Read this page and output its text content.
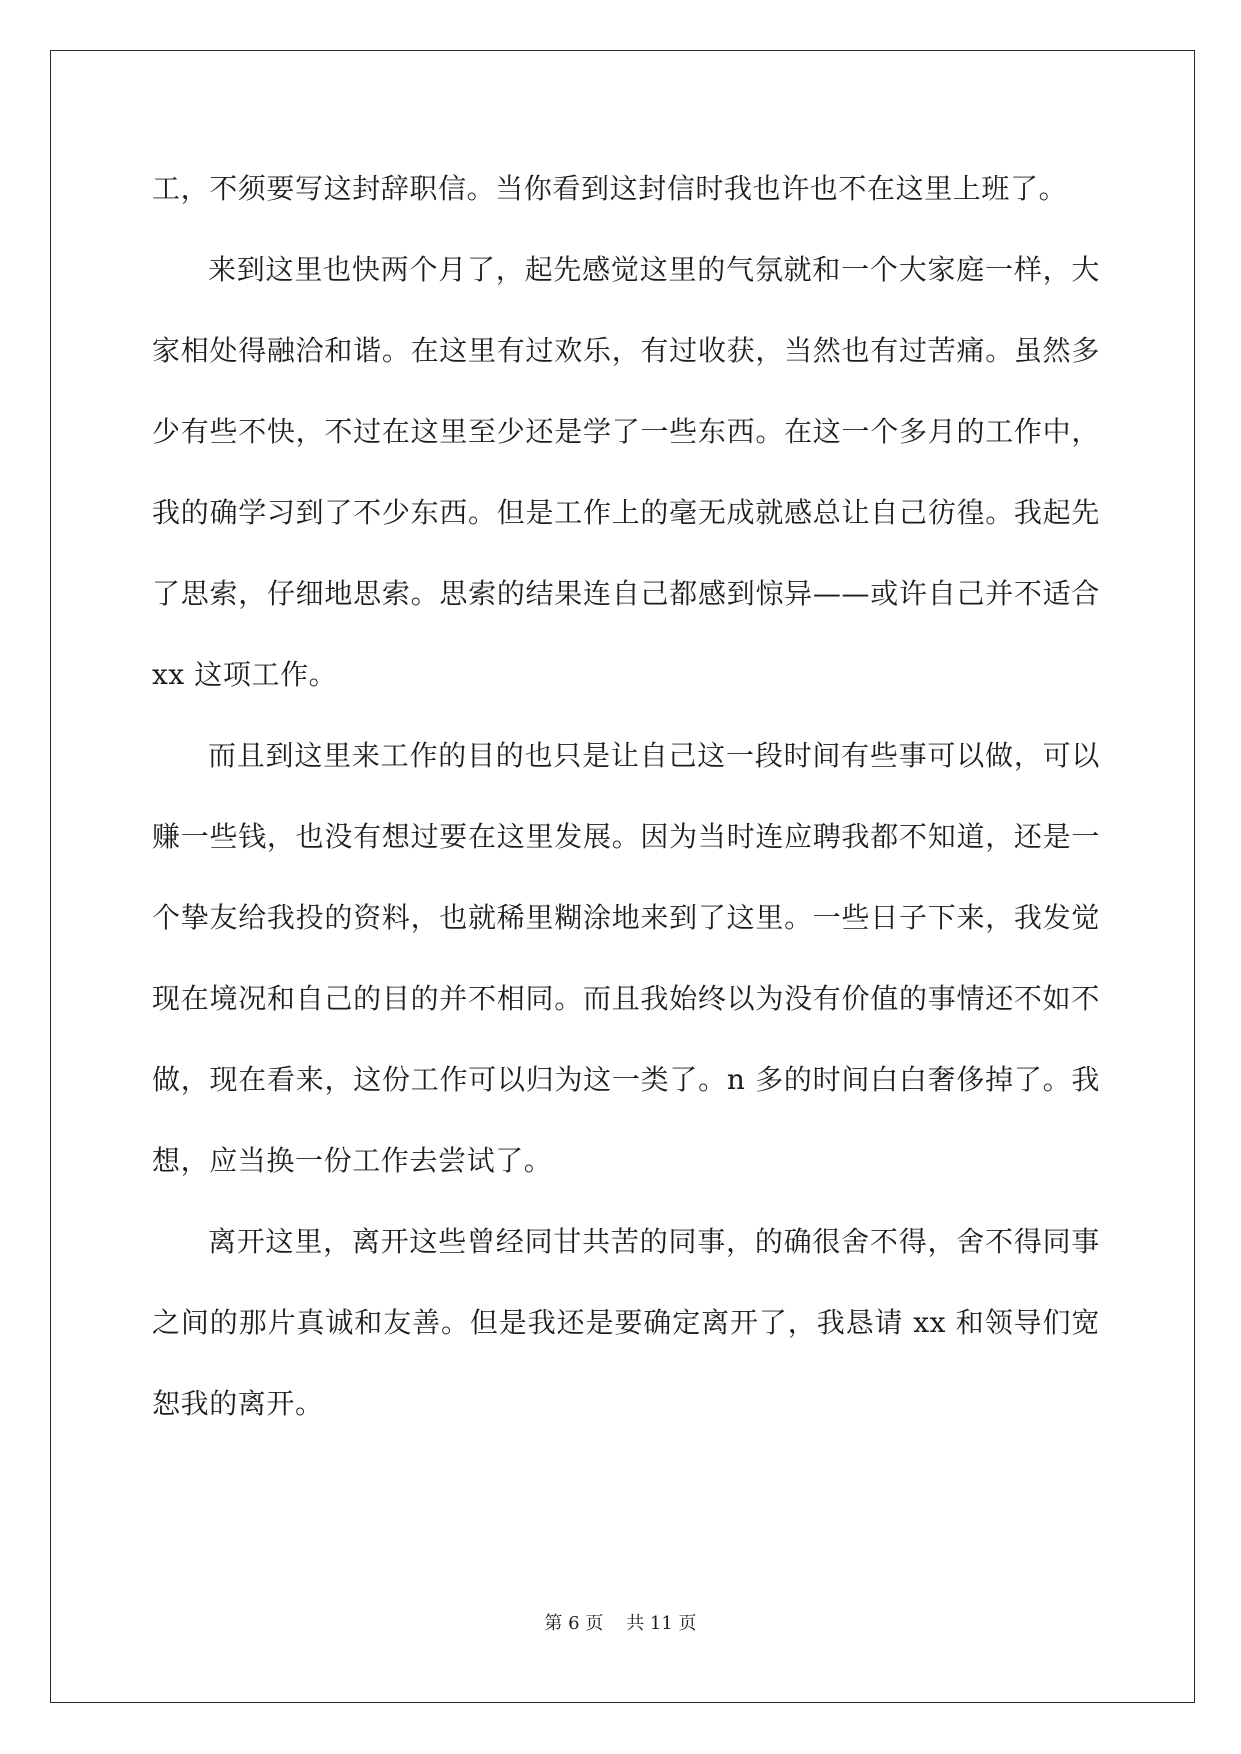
工，不须要写这封辞职信。当你看到这封信时我也许也不在这里上班了。

来到这里也快两个月了，起先感觉这里的气氛就和一个大家庭一样，大家相处得融洽和谐。在这里有过欢乐，有过收获，当然也有过苦痛。虽然多少有些不快，不过在这里至少还是学了一些东西。在这一个多月的工作中，我的确学习到了不少东西。但是工作上的毫无成就感总让自己彷徨。我起先了思索，仔细地思索。思索的结果连自己都感到惊异——或许自己并不适合 xx 这项工作。

而且到这里来工作的目的也只是让自己这一段时间有些事可以做，可以赚一些钱，也没有想过要在这里发展。因为当时连应聘我都不知道，还是一个挚友给我投的资料，也就稀里糊涂地来到了这里。一些日子下来，我发觉现在境况和自己的目的并不相同。而且我始终以为没有价值的事情还不如不做，现在看来，这份工作可以归为这一类了。n 多的时间白白奢侈掉了。我想，应当换一份工作去尝试了。

离开这里，离开这些曾经同甘共苦的同事，的确很舍不得，舍不得同事之间的那片真诚和友善。但是我还是要确定离开了，我恳请 xx 和领导们宽恕我的离开。

第 6 页    共 11 页
